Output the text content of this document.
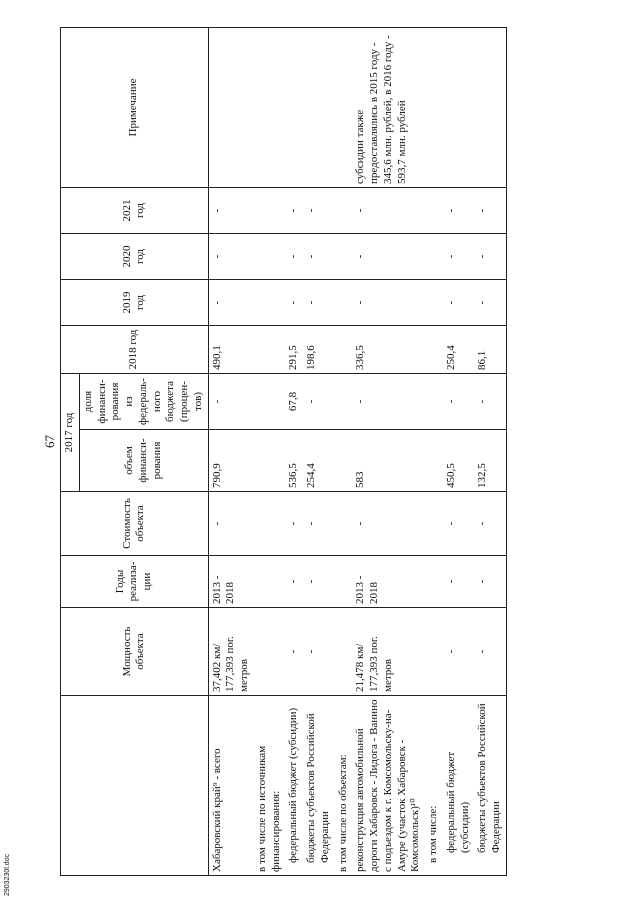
67
2903230l.doc
	Мощность объекта	Годы реализа-ции	Стоимость объекта	2017 год		2018 год	2019 год	2020 год	2021 год	Примечание
				объем финанси-рования	доля финанси-рования из федераль-ного бюджета (процен-тов)					
Хабаровский край⁹ - всего	37,402 км/ 177,393 пог. метров	2013 - 2018	-	790,9	-	490,1	-	-	-	
в том числе по источникам финансирования:										
федеральный бюджет (субсидии)	-	-	-	536,5	67,8	291,5	-	-	-	
бюджеты субъектов Российской Федерации	-	-	-	254,4	-	198,6	-	-	-	
в том числе по объектам:										
реконструкция автомобильной дороги Хабаровск - Лидога - Ванино с подъездом к г. Комсомольску-на-Амуре (участок Хабаровск - Комсомольск)¹⁰	21,478 км/ 177,393 пог. метров	2013 - 2018	-	583	-	336,5	-	-	-	субсидии также предоставлялись в 2015 году - 345,6 млн. рублей, в 2016 году - 593,7 млн. рублей
в том числе:										
федеральный бюджет (субсидии)	-	-	-	450,5	-	250,4	-	-	-	
бюджеты субъектов Российской Федерации	-	-	-	132,5	-	86,1	-	-	-	
